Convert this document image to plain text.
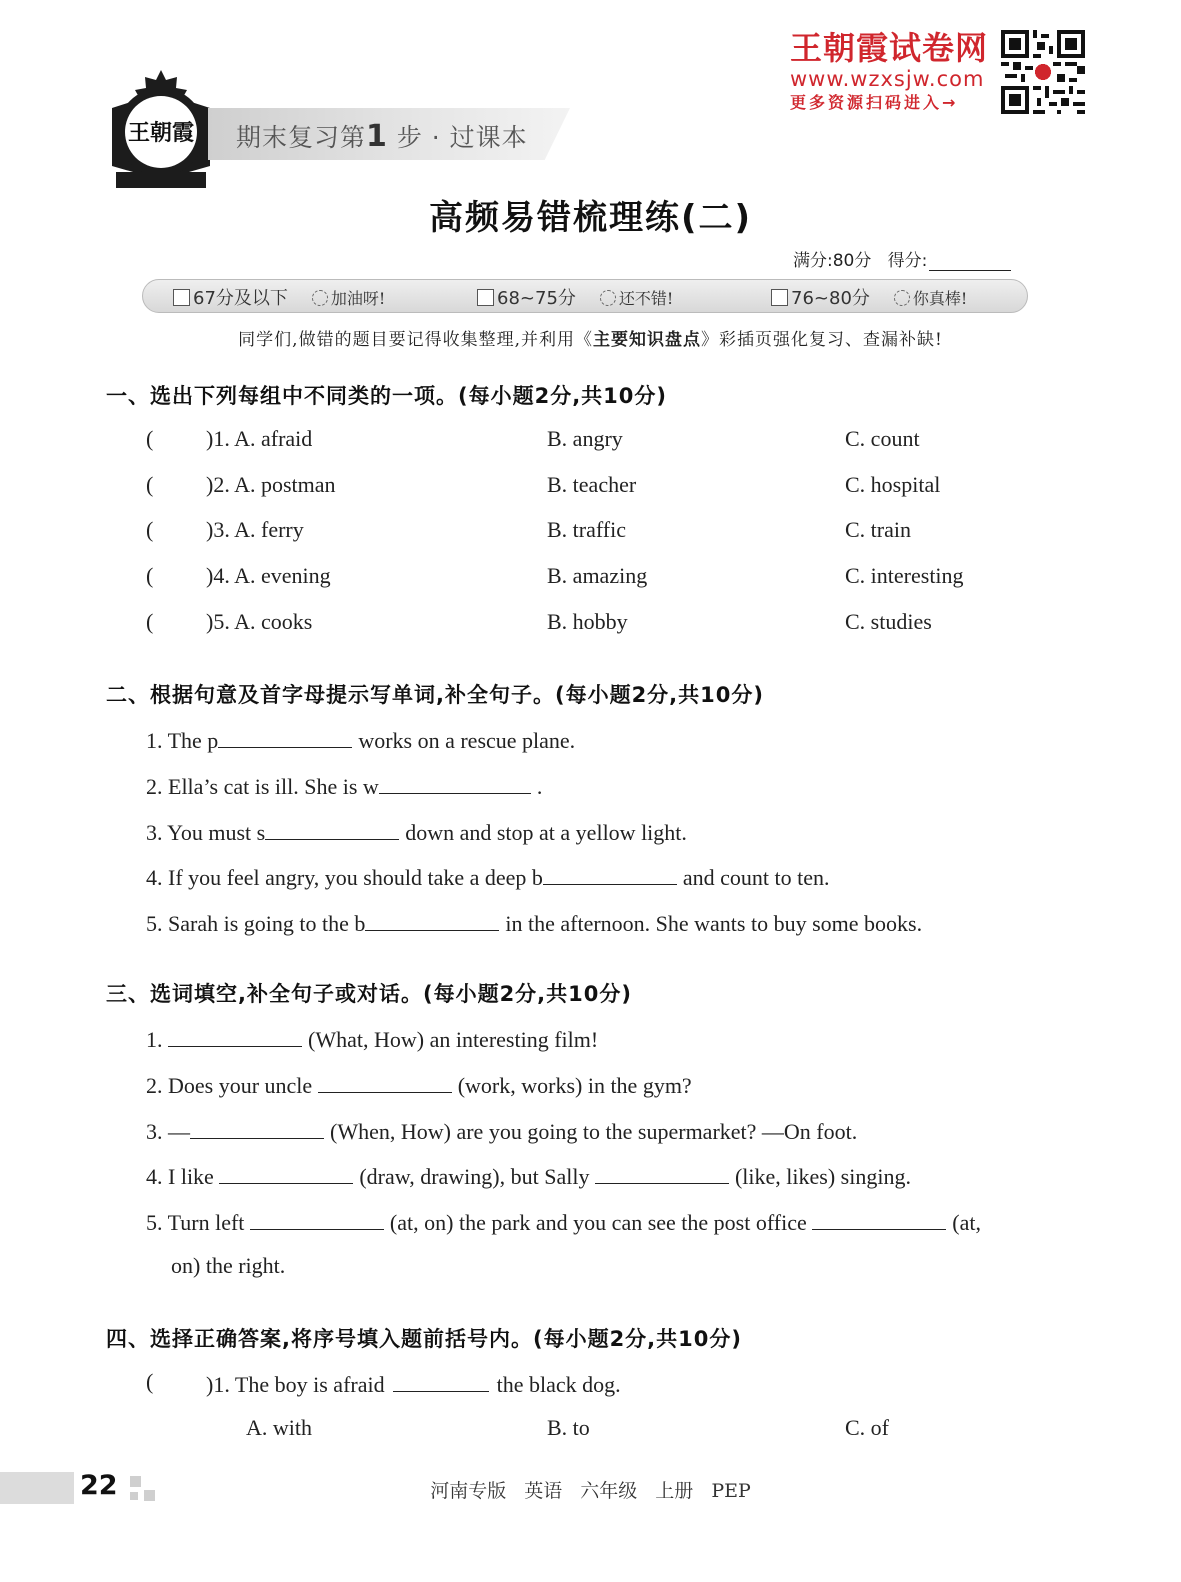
王朝霞 期末复习第1 步 · 过课本
王朝霞试卷网
www.wzxsjw.com
更多资源扫码进入→
高频易错梳理练(二)
满分:80分 得分:
67分及以下	加油呀!	68~75分	还不错!	76~80分	你真棒!
同学们,做错的题目要记得收集整理,并利用《主要知识盘点》彩插页强化复习、查漏补缺!
一、选出下列每组中不同类的一项。(每小题2分,共10分)
( )1. A. afraid	B. angry	C. count
( )2. A. postman	B. teacher	C. hospital
( )3. A. ferry	B. traffic	C. train
( )4. A. evening	B. amazing	C. interesting
( )5. A. cooks	B. hobby	C. studies
二、根据句意及首字母提示写单词,补全句子。(每小题2分,共10分)
1. The p	works on a rescue plane.
2. Ella’s cat is ill. She is w	.
3. You must s	down and stop at a yellow light.
4. If you feel angry, you should take a deep b	and count to ten.
5. Sarah is going to the b	in the afternoon. She wants to buy some books.
三、选词填空,补全句子或对话。(每小题2分,共10分)
1.	(What, How) an interesting film!
2. Does your uncle	(work, works) in the gym?
3. —	(When, How) are you going to the supermarket? —On foot.
4. I like	(draw, drawing), but Sally	(like, likes) singing.
5. Turn left	(at, on) the park and you can see the post office	(at,
on) the right.
四、选择正确答案,将序号填入题前括号内。(每小题2分,共10分)
( )1. The boy is afraid	the black dog.
A. with	B. to	C. of
22	河南专版 英语 六年级 上册 PEP
